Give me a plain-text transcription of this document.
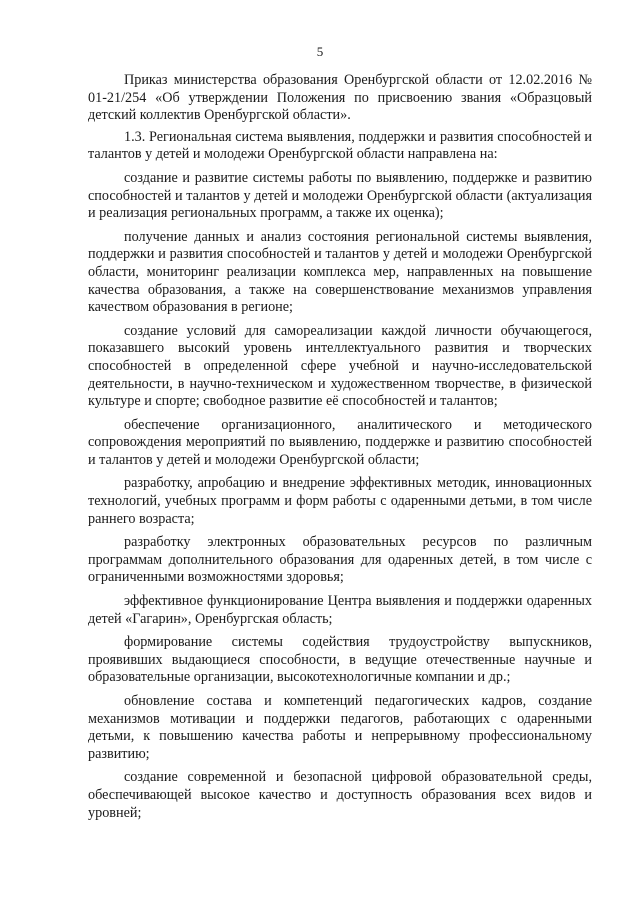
5

Приказ министерства образования Оренбургской области от 12.02.2016 № 01-21/254 «Об утверждении Положения по присвоению звания «Образцовый детский коллектив Оренбургской области».

1.3. Региональная система выявления, поддержки и развития способностей и талантов у детей и молодежи Оренбургской области направлена на:

создание и развитие системы работы по выявлению, поддержке и развитию способностей и талантов у детей и молодежи Оренбургской области (актуализация и реализация региональных программ, а также их оценка);

получение данных и анализ состояния региональной системы выявления, поддержки и развития способностей и талантов у детей и молодежи Оренбургской области, мониторинг реализации комплекса мер, направленных на повышение качества образования, а также на совершенствование механизмов управления качеством образования в регионе;

создание условий для самореализации каждой личности обучающегося, показавшего высокий уровень интеллектуального развития и творческих способностей в определенной сфере учебной и научно-исследовательской деятельности, в научно-техническом и художественном творчестве, в физической культуре и спорте; свободное развитие её способностей и талантов;

обеспечение организационного, аналитического и методического сопровождения мероприятий по выявлению, поддержке и развитию способностей и талантов у детей и молодежи Оренбургской области;

разработку, апробацию и внедрение эффективных методик, инновационных технологий, учебных программ и форм работы с одаренными детьми, в том числе раннего возраста;

разработку электронных образовательных ресурсов по различным программам дополнительного образования для одаренных детей, в том числе с ограниченными возможностями здоровья;

эффективное функционирование Центра выявления и поддержки одаренных детей «Гагарин», Оренбургская область;

формирование системы содействия трудоустройству выпускников, проявивших выдающиеся способности, в ведущие отечественные научные и образовательные организации, высокотехнологичные компании и др.;

обновление состава и компетенций педагогических кадров, создание механизмов мотивации и поддержки педагогов, работающих с одаренными детьми, к повышению качества работы и непрерывному профессиональному развитию;

создание современной и безопасной цифровой образовательной среды, обеспечивающей высокое качество и доступность образования всех видов и уровней;
